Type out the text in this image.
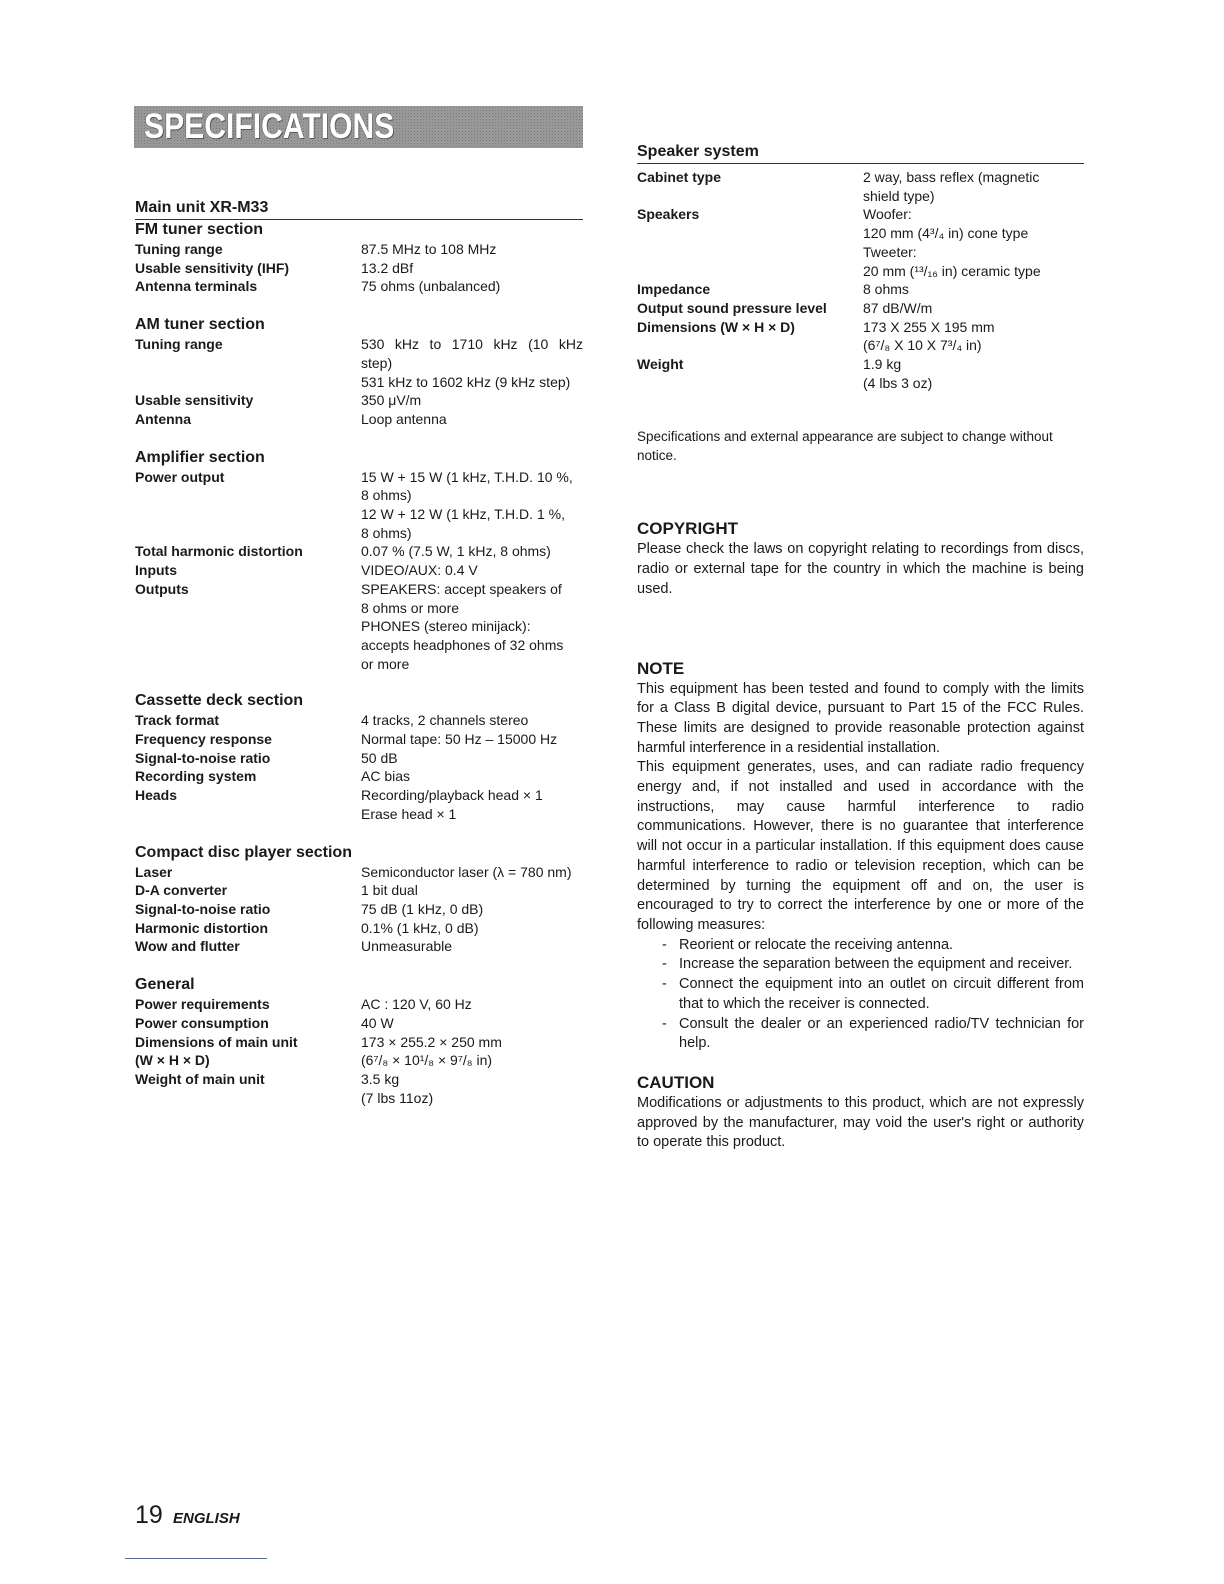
SPECIFICATIONS
Main unit XR-M33
FM tuner section
Tuning range	87.5 MHz to 108 MHz

Usable sensitivity (IHF)	13.2 dBf

Antenna terminals	75 ohms (unbalanced)
AM tuner section
Tuning range	530 kHz to 1710 kHz (10 kHz
step)
531 kHz to 1602 kHz (9 kHz step)

Usable sensitivity	350 μV/m

Antenna	Loop antenna
Amplifier section
Power output	15 W + 15 W (1 kHz, T.H.D. 10 %,
8 ohms)
12 W + 12 W (1 kHz, T.H.D. 1 %,
8 ohms)

Total harmonic distortion	0.07 % (7.5 W, 1 kHz, 8 ohms)

Inputs	VIDEO/AUX: 0.4 V

Outputs	SPEAKERS: accept speakers of
8 ohms or more
PHONES (stereo minijack):
accepts headphones of 32 ohms
or more
Cassette deck section
Track format	4 tracks, 2 channels stereo

Frequency response	Normal tape: 50 Hz – 15000 Hz

Signal-to-noise ratio	50 dB

Recording system	AC bias

Heads	Recording/playback head × 1
Erase head × 1
Compact disc player section
Laser	Semiconductor laser (λ = 780 nm)

D-A converter	1 bit dual

Signal-to-noise ratio	75 dB (1 kHz, 0 dB)

Harmonic distortion	0.1% (1 kHz, 0 dB)

Wow and flutter	Unmeasurable
General
Power requirements	AC : 120 V, 60 Hz

Power consumption	40 W

Dimensions of main unit	173 × 255.2 × 250 mm

(W × H × D)	(6⁷/₈ × 10¹/₈ × 9⁷/₈ in)

Weight of main unit	3.5 kg
(7 lbs 11oz)
Speaker system
Cabinet type	2 way, bass reflex (magnetic
shield type)

Speakers	Woofer:
120 mm (4³/₄ in) cone type
Tweeter:
20 mm (¹³/₁₆ in) ceramic type

Impedance	8 ohms

Output sound pressure level	87 dB/W/m

Dimensions (W × H × D)	173 X 255 X 195 mm
(6⁷/₈ X 10 X 7³/₄ in)

Weight	1.9 kg
(4 lbs 3 oz)

Specifications and external appearance are subject to change without notice.

COPYRIGHT

Please check the laws on copyright relating to recordings from discs, radio or external tape for the country in which the machine is being used.

NOTE

This equipment has been tested and found to comply with the limits for a Class B digital device, pursuant to Part 15 of the FCC Rules. These limits are designed to provide reasonable protection against harmful interference in a residential installation.

This equipment generates, uses, and can radiate radio frequency energy and, if not installed and used in accordance with the instructions, may cause harmful interference to radio communications. However, there is no guarantee that interference will not occur in a particular installation. If this equipment does cause harmful interference to radio or television reception, which can be determined by turning the equipment off and on, the user is encouraged to try to correct the interference by one or more of the following measures:

- Reorient or relocate the receiving antenna.
- Increase the separation between the equipment and receiver.
- Connect the equipment into an outlet on circuit different from that to which the receiver is connected.
- Consult the dealer or an experienced radio/TV technician for help.
CAUTION

Modifications or adjustments to this product, which are not expressly approved by the manufacturer, may void the user's right or authority to operate this product.

19 ENGLISH
